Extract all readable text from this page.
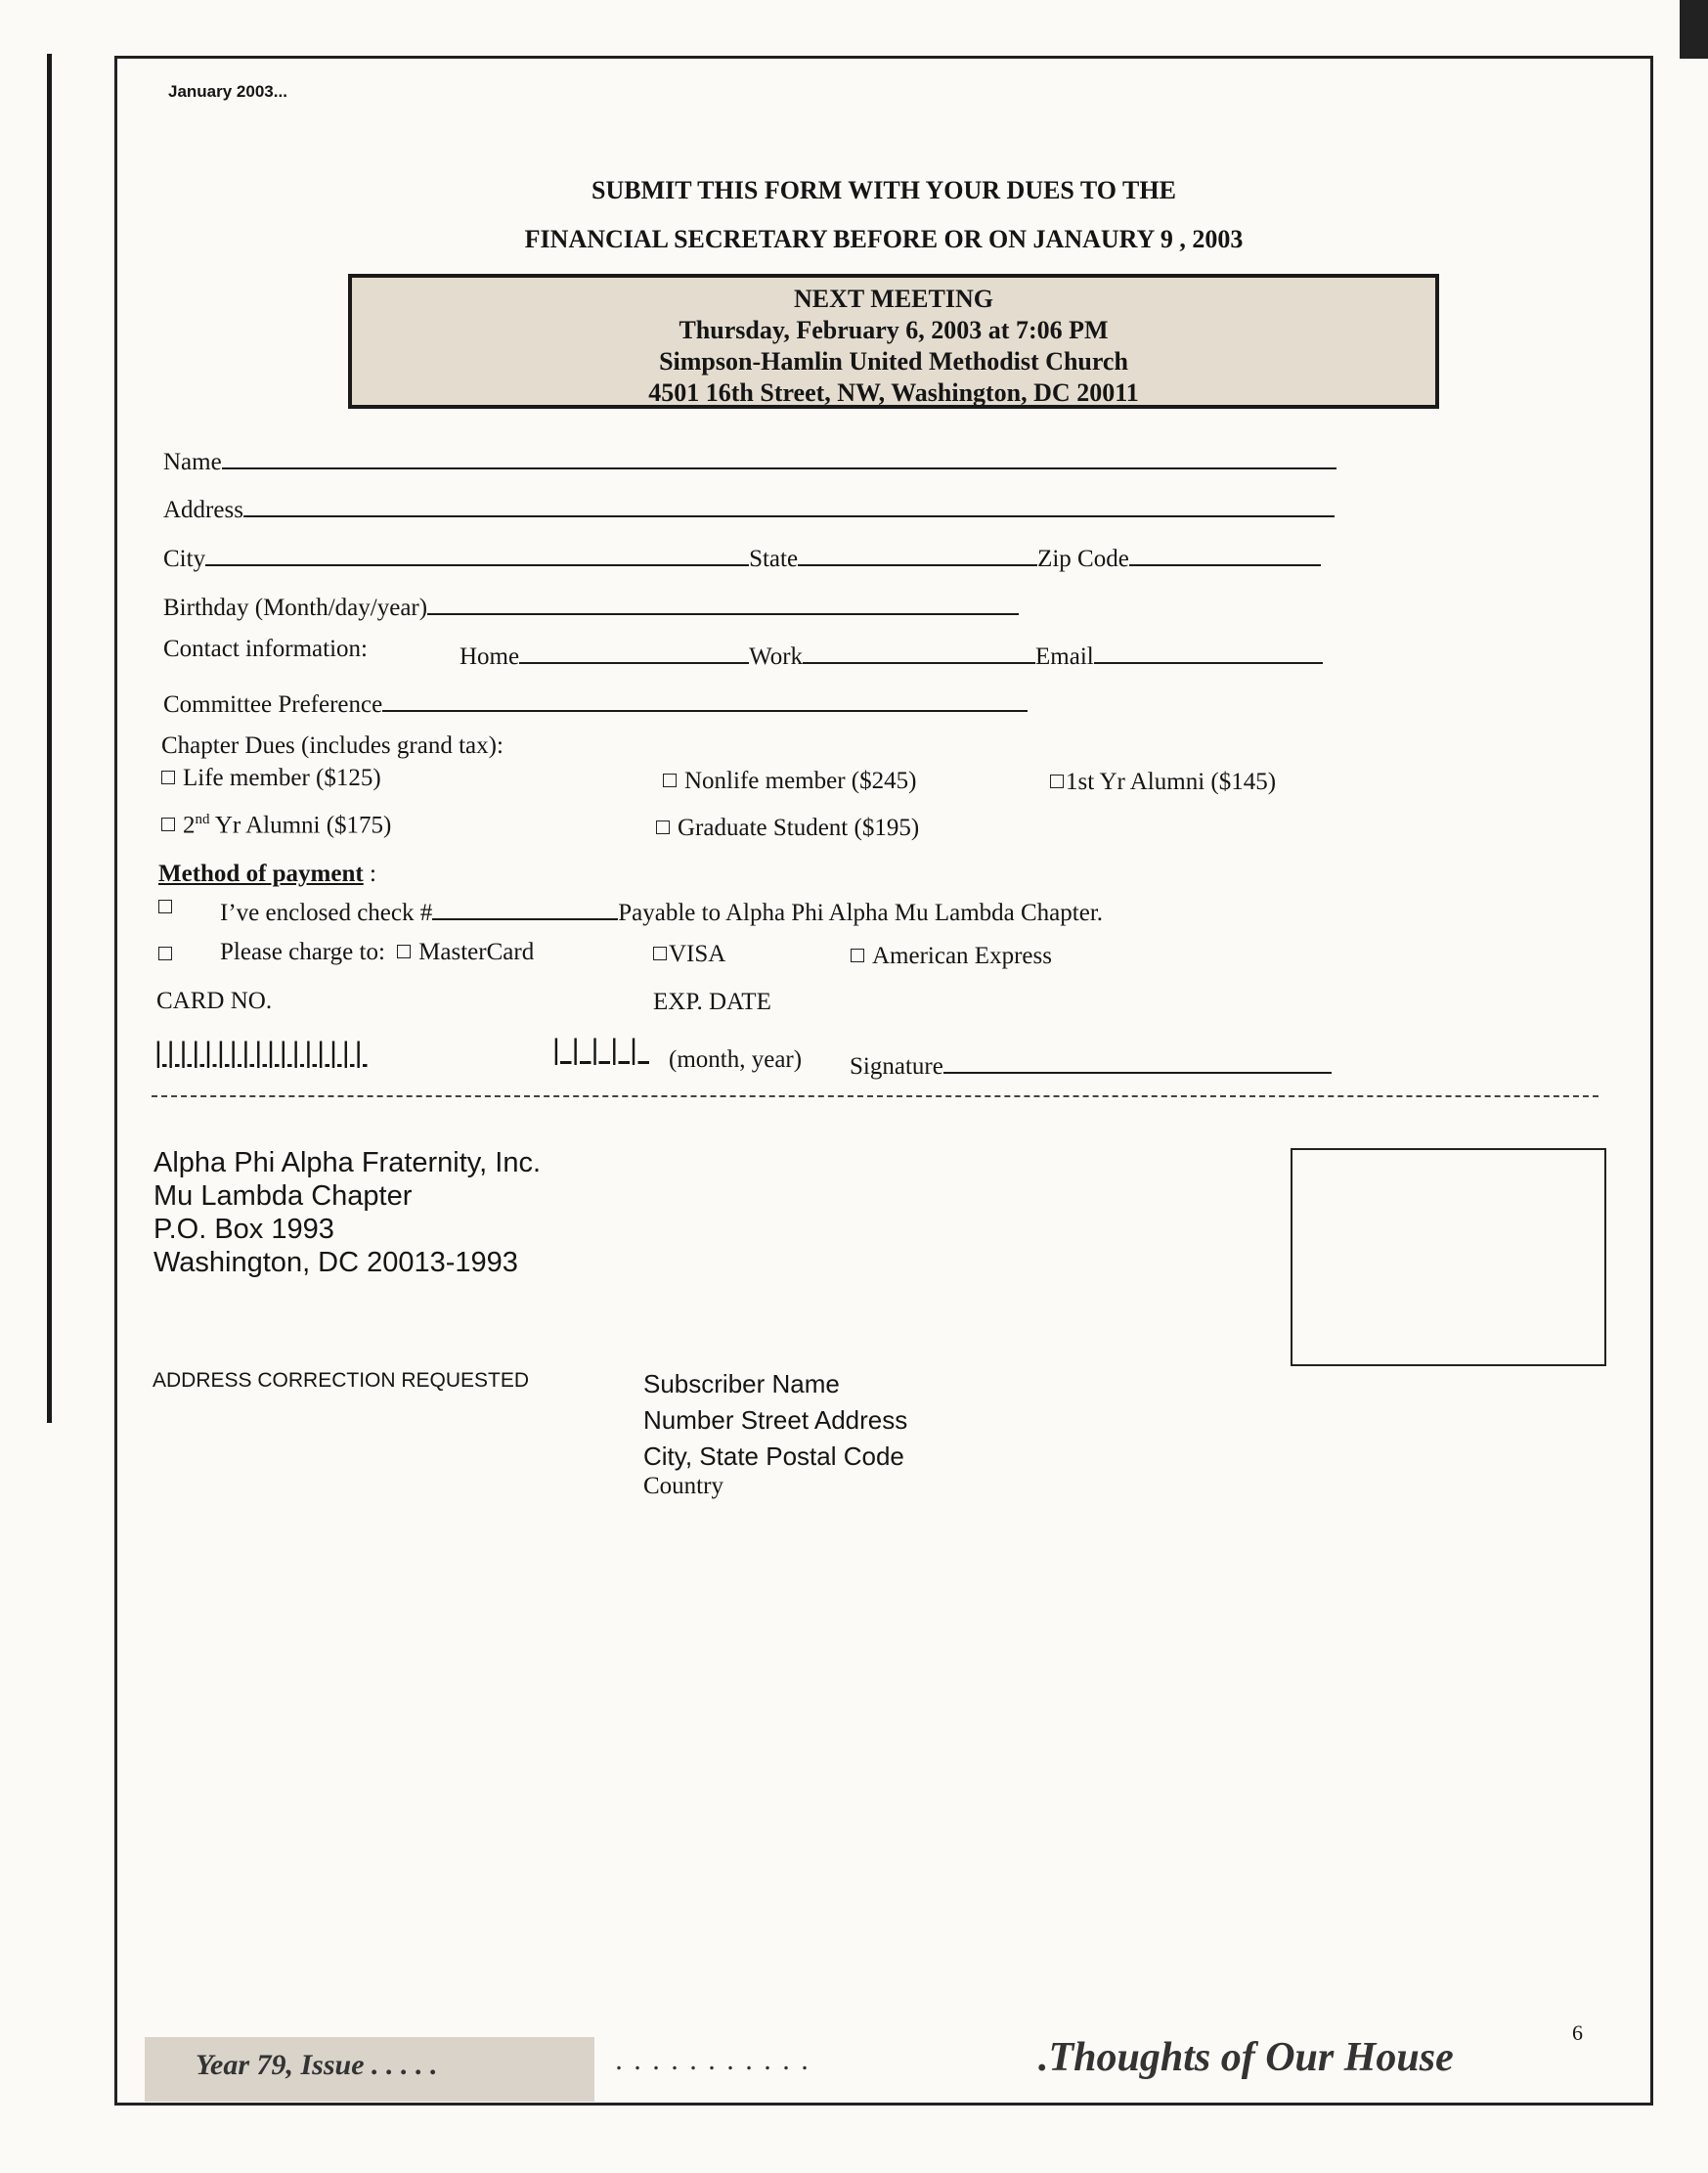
January 2003...
SUBMIT THIS FORM WITH YOUR DUES TO THE
FINANCIAL SECRETARY BEFORE OR ON JANAURY 9 , 2003
NEXT MEETING
Thursday, February 6, 2003 at 7:06 PM
Simpson-Hamlin United Methodist Church
4501 16th Street, NW, Washington, DC 20011
Name
Address
City	State	Zip Code
Birthday (Month/day/year)
Contact information:	Home	Work	Email
Committee Preference
Chapter Dues (includes grand tax):
Life member ($125)	Nonlife member ($245)	1st Yr Alumni ($145)
2nd Yr Alumni ($175)	Graduate Student ($195)
Method of payment :
I’ve enclosed check #	Payable to Alpha Phi Alpha Mu Lambda Chapter.
Please charge to: MasterCard	VISA	American Express
CARD NO.	EXP. DATE
|||||||||||||||||	||||| (month, year) Signature
Alpha Phi Alpha Fraternity, Inc.
Mu Lambda Chapter
P.O. Box 1993
Washington, DC 20013-1993
ADDRESS CORRECTION REQUESTED	Subscriber Name
Number Street Address
City, State Postal Code
Country
Year 79, Issue . . . . .	. . . . . . . . . . .	.Thoughts of Our House
6
